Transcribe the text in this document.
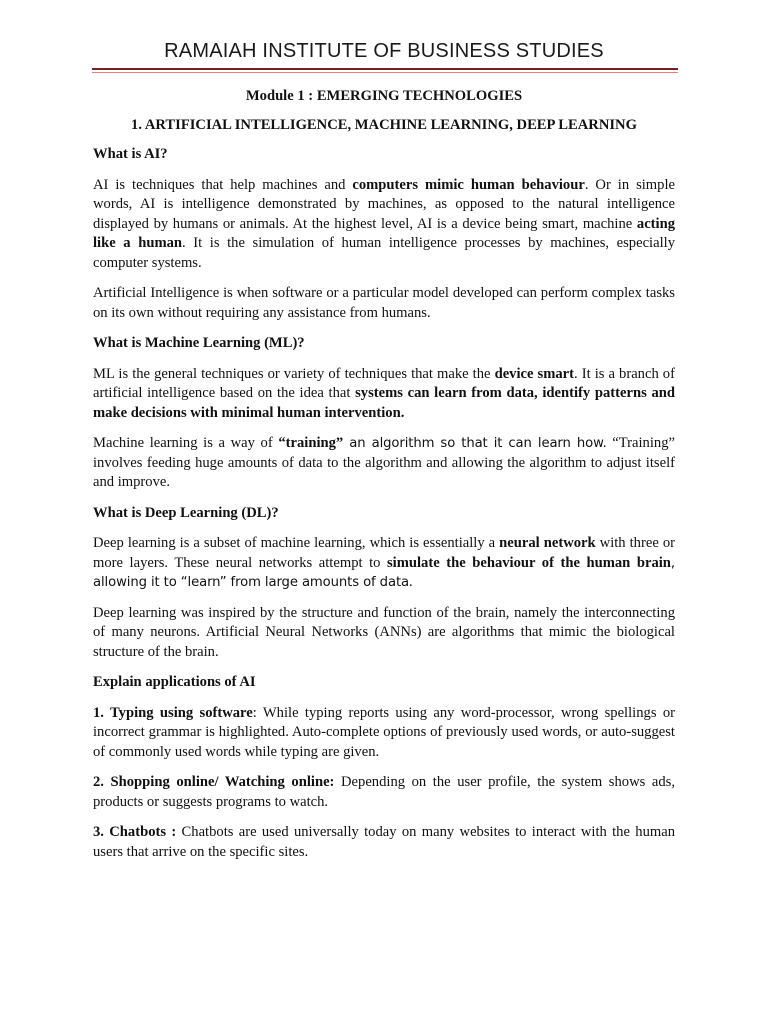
RAMAIAH INSTITUTE OF BUSINESS STUDIES
Module 1 : EMERGING TECHNOLOGIES
1. ARTIFICIAL INTELLIGENCE, MACHINE LEARNING, DEEP LEARNING
What is AI?

AI is techniques that help machines and computers mimic human behaviour. Or in simple words, AI is intelligence demonstrated by machines, as opposed to the natural intelligence displayed by humans or animals. At the highest level, AI is a device being smart, machine acting like a human. It is the simulation of human intelligence processes by machines, especially computer systems.

Artificial Intelligence is when software or a particular model developed can perform complex tasks on its own without requiring any assistance from humans.

What is Machine Learning (ML)?

ML is the general techniques or variety of techniques that make the device smart. It is a branch of artificial intelligence based on the idea that systems can learn from data, identify patterns and make decisions with minimal human intervention.

Machine learning is a way of “training” an algorithm so that it can learn how. “Training” involves feeding huge amounts of data to the algorithm and allowing the algorithm to adjust itself and improve.

What is Deep Learning (DL)?

Deep learning is a subset of machine learning, which is essentially a neural network with three or more layers. These neural networks attempt to simulate the behaviour of the human brain, allowing it to “learn” from large amounts of data.

Deep learning was inspired by the structure and function of the brain, namely the interconnecting of many neurons. Artificial Neural Networks (ANNs) are algorithms that mimic the biological structure of the brain.

Explain applications of AI

1. Typing using software: While typing reports using any word-processor, wrong spellings or incorrect grammar is highlighted. Auto-complete options of previously used words, or auto-suggest of commonly used words while typing are given.

2. Shopping online/ Watching online: Depending on the user profile, the system shows ads, products or suggests programs to watch.

3. Chatbots : Chatbots are used universally today on many websites to interact with the human users that arrive on the specific sites.
